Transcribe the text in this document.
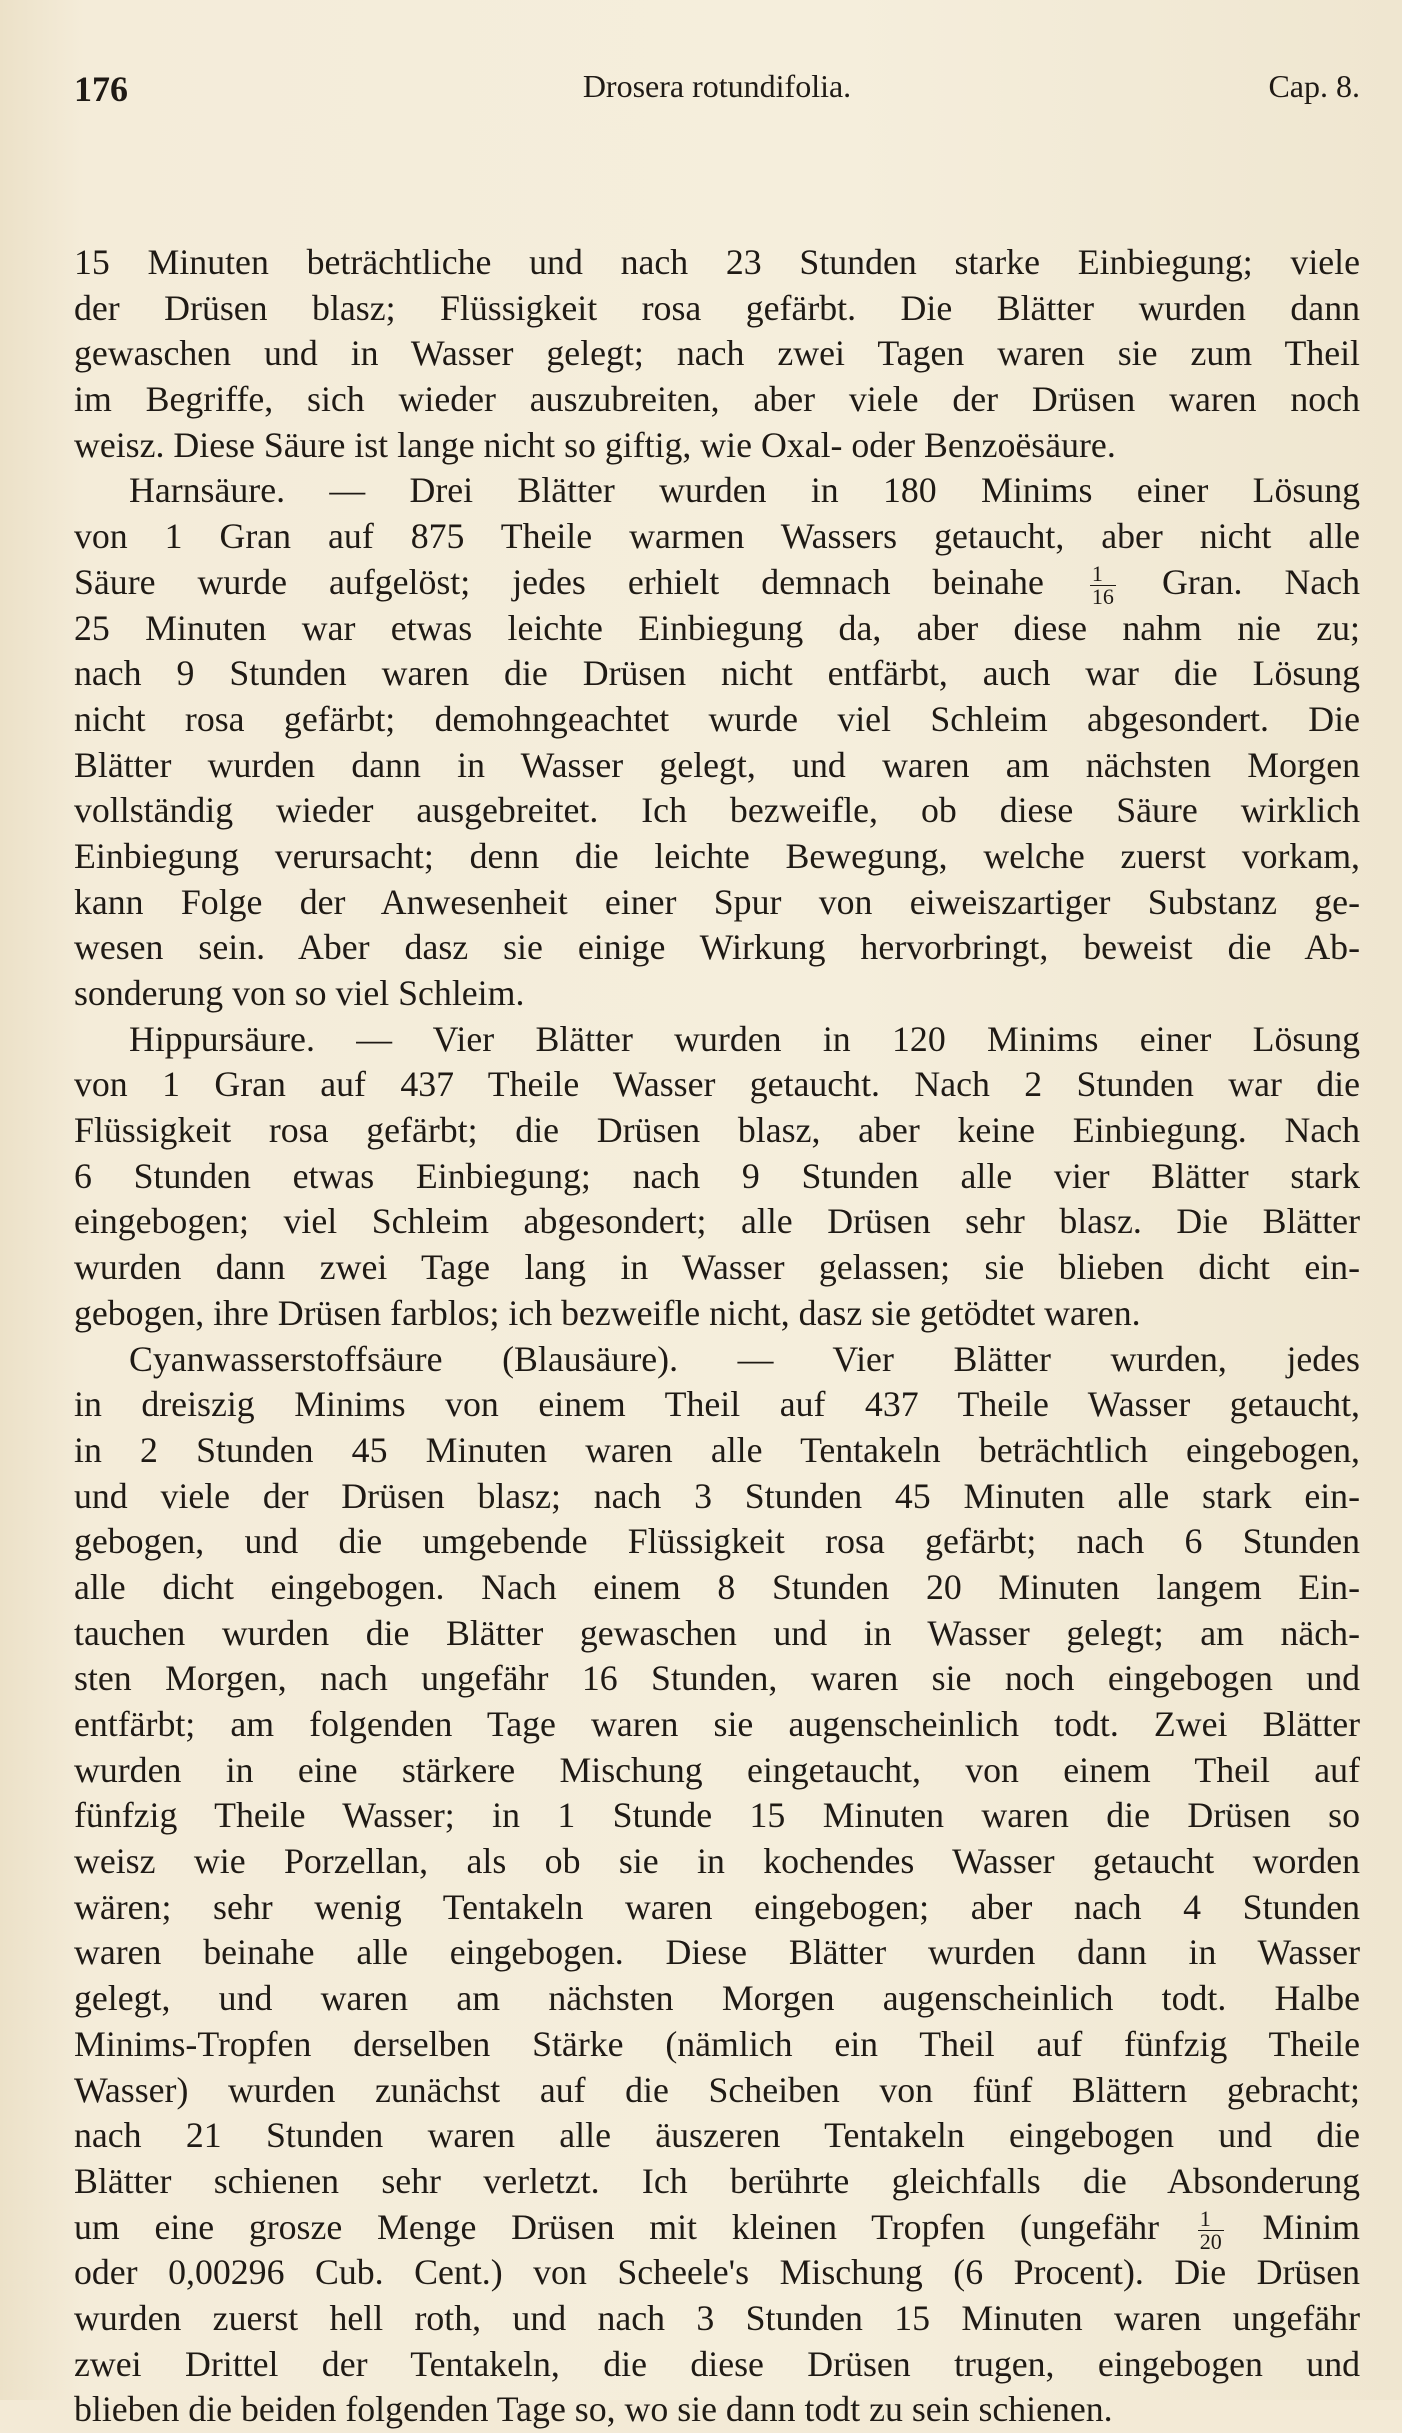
176	Drosera rotundifolia.	Cap. 8.
15 Minuten beträchtliche und nach 23 Stunden starke Einbiegung; viele
der Drüsen blasz; Flüssigkeit rosa gefärbt. Die Blätter wurden dann
gewaschen und in Wasser gelegt; nach zwei Tagen waren sie zum Theil
im Begriffe, sich wieder auszubreiten, aber viele der Drüsen waren noch
weisz. Diese Säure ist lange nicht so giftig, wie Oxal- oder Benzoësäure.
Harnsäure. — Drei Blätter wurden in 180 Minims einer Lösung
von 1 Gran auf 875 Theile warmen Wassers getaucht, aber nicht alle
Säure wurde aufgelöst; jedes erhielt demnach beinahe $\frac{1}{16}$ Gran. Nach
25 Minuten war etwas leichte Einbiegung da, aber diese nahm nie zu;
nach 9 Stunden waren die Drüsen nicht entfärbt, auch war die Lösung
nicht rosa gefärbt; demohngeachtet wurde viel Schleim abgesondert. Die
Blätter wurden dann in Wasser gelegt, und waren am nächsten Morgen
vollständig wieder ausgebreitet. Ich bezweifle, ob diese Säure wirklich
Einbiegung verursacht; denn die leichte Bewegung, welche zuerst vorkam,
kann Folge der Anwesenheit einer Spur von eiweiszartiger Substanz ge-
wesen sein. Aber dasz sie einige Wirkung hervorbringt, beweist die Ab-
sonderung von so viel Schleim.
Hippursäure. — Vier Blätter wurden in 120 Minims einer Lösung
von 1 Gran auf 437 Theile Wasser getaucht. Nach 2 Stunden war die
Flüssigkeit rosa gefärbt; die Drüsen blasz, aber keine Einbiegung. Nach
6 Stunden etwas Einbiegung; nach 9 Stunden alle vier Blätter stark
eingebogen; viel Schleim abgesondert; alle Drüsen sehr blasz. Die Blätter
wurden dann zwei Tage lang in Wasser gelassen; sie blieben dicht ein-
gebogen, ihre Drüsen farblos; ich bezweifle nicht, dasz sie getödtet waren.
Cyanwasserstoffsäure (Blausäure). — Vier Blätter wurden, jedes
in dreiszig Minims von einem Theil auf 437 Theile Wasser getaucht,
in 2 Stunden 45 Minuten waren alle Tentakeln beträchtlich eingebogen,
und viele der Drüsen blasz; nach 3 Stunden 45 Minuten alle stark ein-
gebogen, und die umgebende Flüssigkeit rosa gefärbt; nach 6 Stunden
alle dicht eingebogen. Nach einem 8 Stunden 20 Minuten langem Ein-
tauchen wurden die Blätter gewaschen und in Wasser gelegt; am näch-
sten Morgen, nach ungefähr 16 Stunden, waren sie noch eingebogen und
entfärbt; am folgenden Tage waren sie augenscheinlich todt. Zwei Blätter
wurden in eine stärkere Mischung eingetaucht, von einem Theil auf
fünfzig Theile Wasser; in 1 Stunde 15 Minuten waren die Drüsen so
weisz wie Porzellan, als ob sie in kochendes Wasser getaucht worden
wären; sehr wenig Tentakeln waren eingebogen; aber nach 4 Stunden
waren beinahe alle eingebogen. Diese Blätter wurden dann in Wasser
gelegt, und waren am nächsten Morgen augenscheinlich todt. Halbe
Minims-Tropfen derselben Stärke (nämlich ein Theil auf fünfzig Theile
Wasser) wurden zunächst auf die Scheiben von fünf Blättern gebracht;
nach 21 Stunden waren alle äuszeren Tentakeln eingebogen und die
Blätter schienen sehr verletzt. Ich berührte gleichfalls die Absonderung
um eine grosze Menge Drüsen mit kleinen Tropfen (ungefähr $\frac{1}{20}$ Minim
oder 0,00296 Cub. Cent.) von Scheele's Mischung (6 Procent). Die Drüsen
wurden zuerst hell roth, und nach 3 Stunden 15 Minuten waren ungefähr
zwei Drittel der Tentakeln, die diese Drüsen trugen, eingebogen und
blieben die beiden folgenden Tage so, wo sie dann todt zu sein schienen.
